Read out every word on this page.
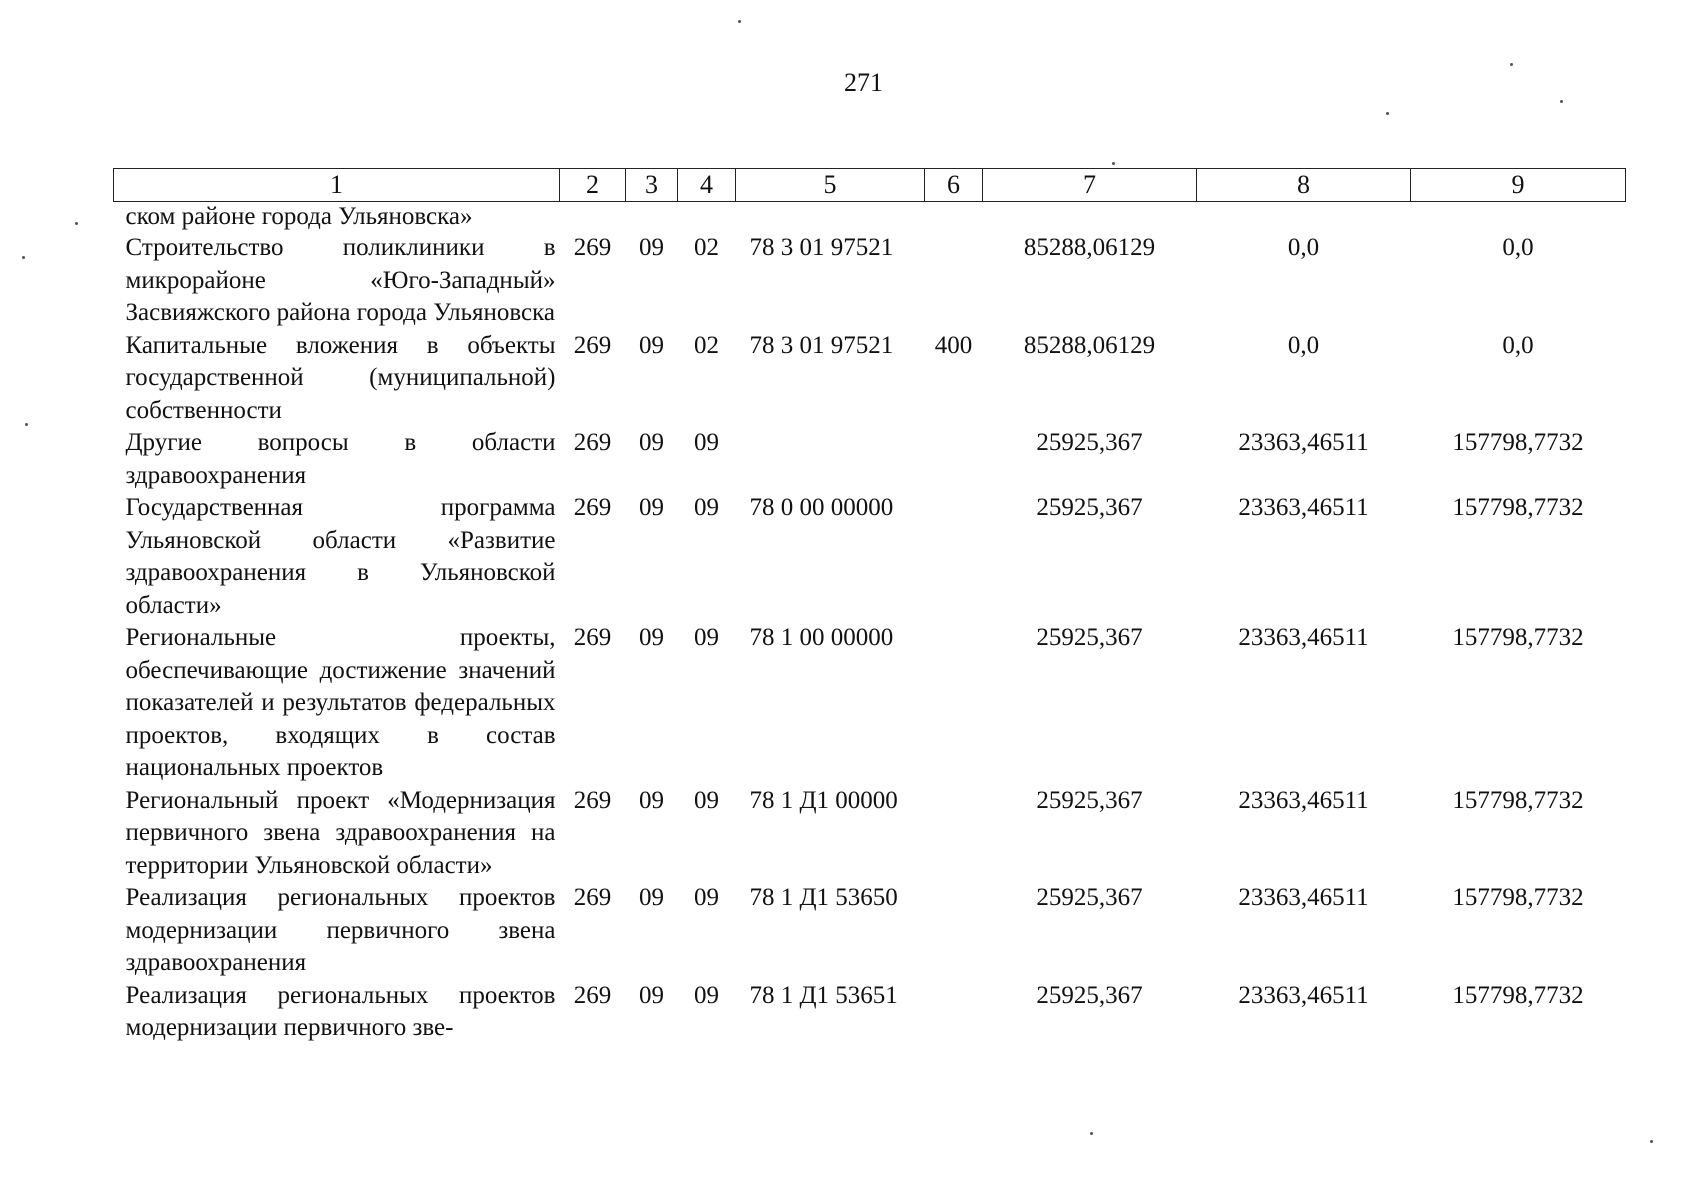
271
1	2	3	4	5	6	7	8	9
ском районе города Ульяновска»								
Строительство поликлиники в микрорайоне «Юго-Западный» Засвияжского района города Ульяновска	269	09	02	78 3 01 97521		85288,06129	0,0	0,0
Капитальные вложения в объекты государственной (муниципальной) собственности	269	09	02	78 3 01 97521	400	85288,06129	0,0	0,0
Другие вопросы в области здравоохранения	269	09	09			25925,367	23363,46511	157798,7732
Государственная программа Ульяновской области «Развитие здравоохранения в Ульяновской области»	269	09	09	78 0 00 00000		25925,367	23363,46511	157798,7732
Региональные проекты, обеспечивающие достижение значений показателей и результатов федеральных проектов, входящих в состав национальных проектов	269	09	09	78 1 00 00000		25925,367	23363,46511	157798,7732
Региональный проект «Модернизация первичного звена здравоохранения на территории Ульяновской области»	269	09	09	78 1 Д1 00000		25925,367	23363,46511	157798,7732
Реализация региональных проектов модернизации первичного звена здравоохранения	269	09	09	78 1 Д1 53650		25925,367	23363,46511	157798,7732
Реализация региональных проектов модернизации первичного зве-	269	09	09	78 1 Д1 53651		25925,367	23363,46511	157798,7732
